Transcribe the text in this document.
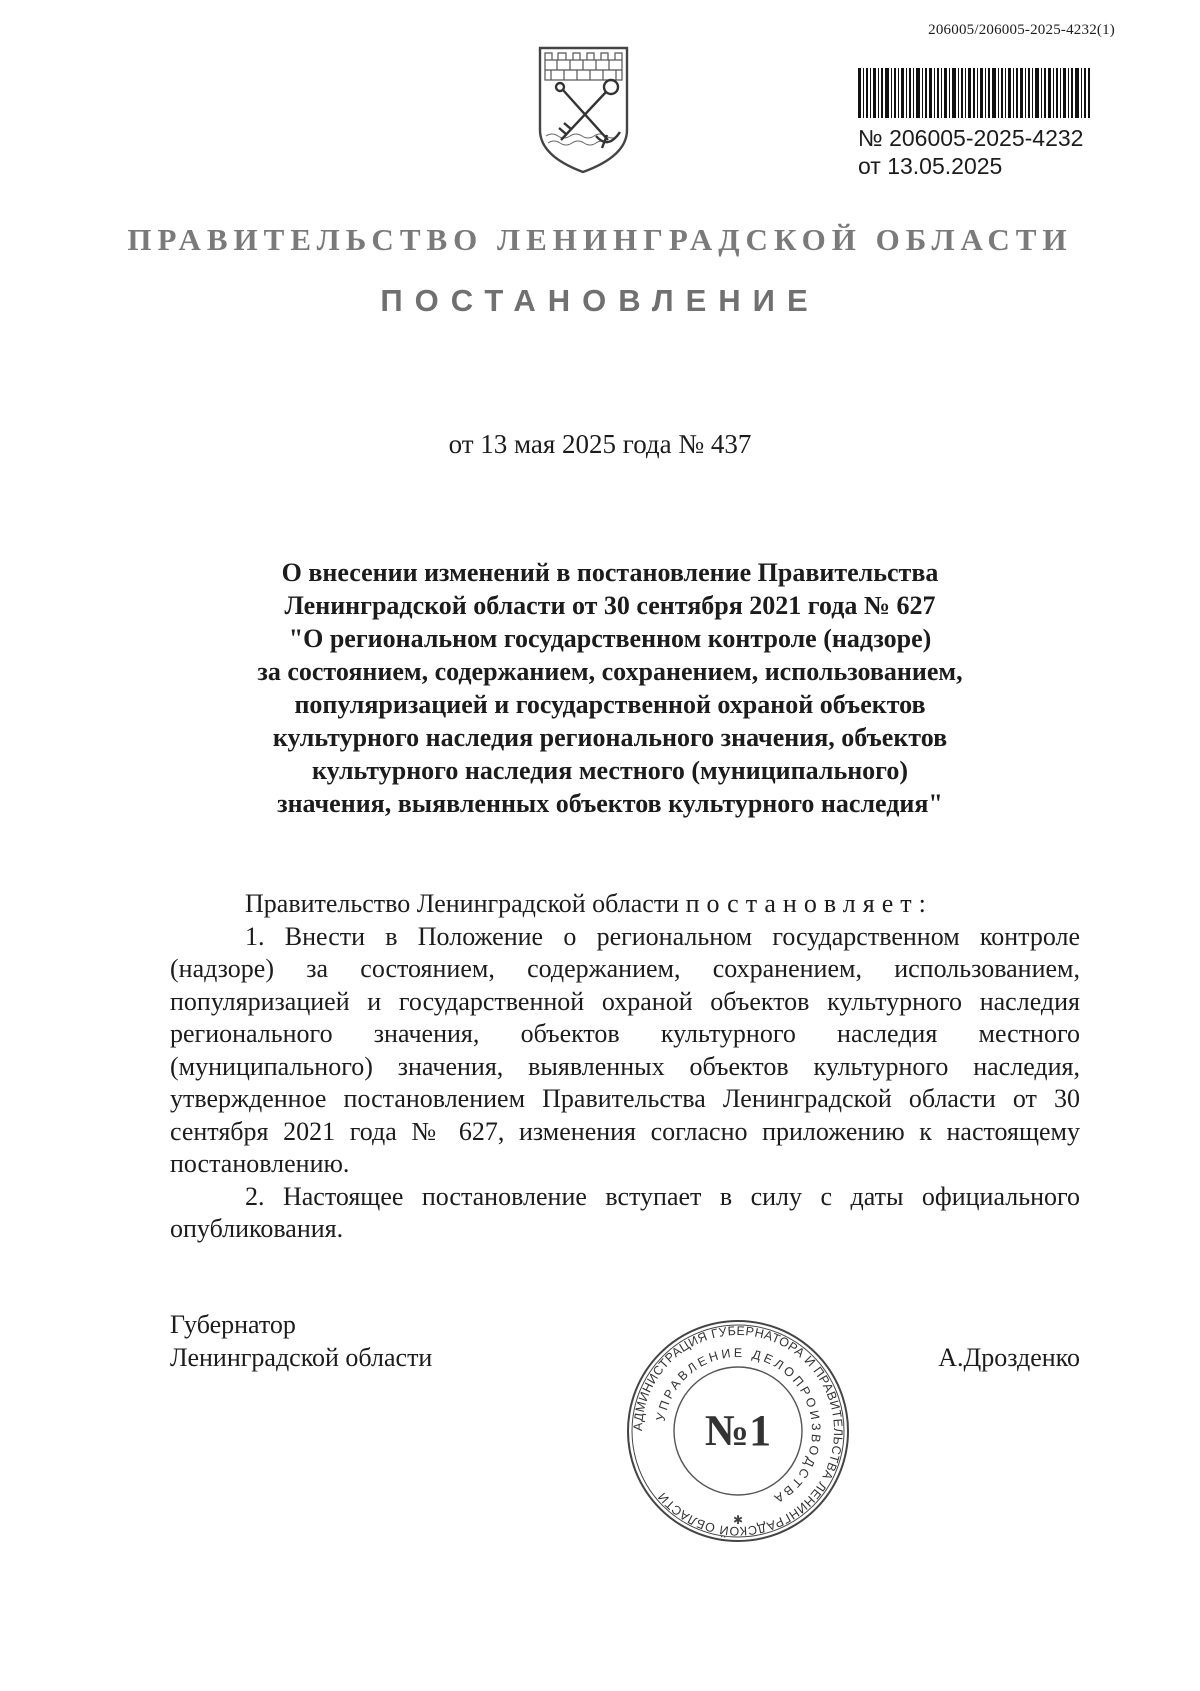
206005/206005-2025-4232(1)
№ 206005-2025-4232
от 13.05.2025
ПРАВИТЕЛЬСТВО ЛЕНИНГРАДСКОЙ ОБЛАСТИ
ПОСТАНОВЛЕНИЕ
от 13 мая 2025 года № 437
О внесении изменений в постановление Правительства
Ленинградской области от 30 сентября 2021 года № 627
"О региональном государственном контроле (надзоре)
за состоянием, содержанием, сохранением, использованием,
популяризацией и государственной охраной объектов
культурного наследия регионального значения, объектов
культурного наследия местного (муниципального)
значения, выявленных объектов культурного наследия"

Правительство Ленинградской области постановляет:

1. Внести в Положение о региональном государственном контроле (надзоре) за состоянием, содержанием, сохранением, использованием, популяризацией и государственной охраной объектов культурного наследия регионального значения, объектов культурного наследия местного (муниципального) значения, выявленных объектов культурного наследия, утвержденное постановлением Правительства Ленинградской области от 30 сентября 2021 года № 627, изменения согласно приложению к настоящему постановлению.

2. Настоящее постановление вступает в силу с даты официального опубликования.

Губернатор
Ленинградской области	А.Дрозденко
АДМИНИСТРАЦИЯ ГУБЕРНАТОРА И ПРАВИТЕЛЬСТВА ЛЕНИНГРАДСКОЙ ОБЛАСТИ
УПРАВЛЕНИЕ ДЕЛОПРОИЗВОДСТВА
№1
✱
